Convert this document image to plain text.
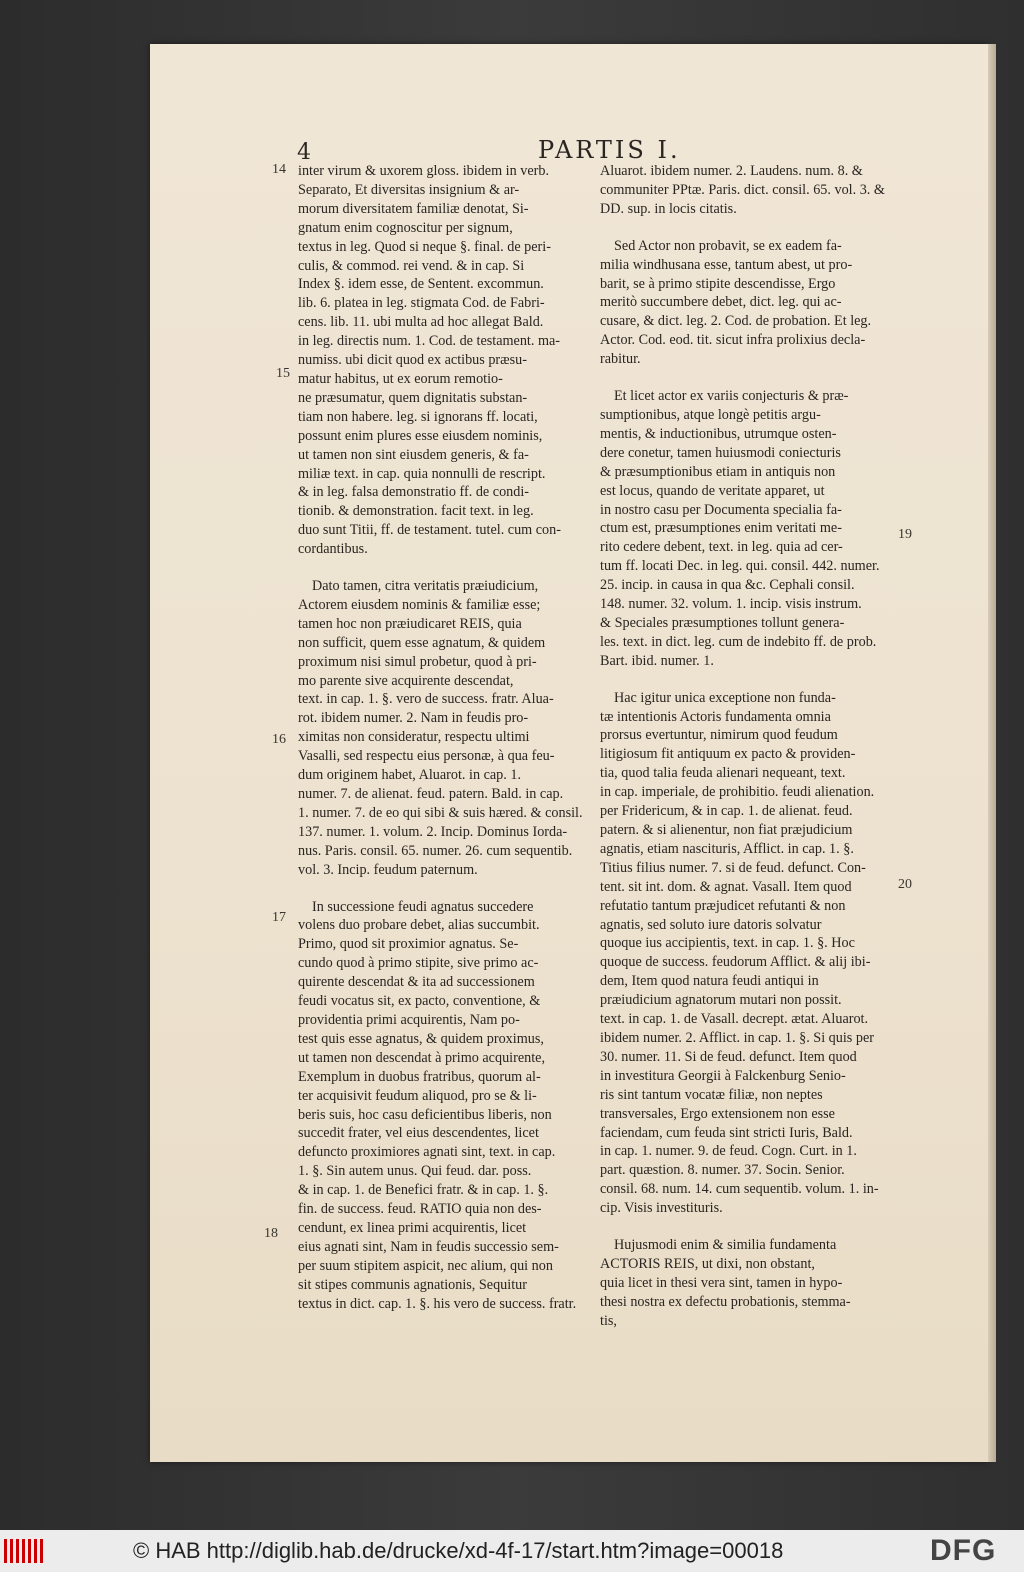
4	PARTIS I.
inter virum & uxorem gloss. ibidem in verb.
Separato, Et diversitas insignium & ar-
morum diversitatem familiæ denotat, Si-
gnatum enim cognoscitur per signum,
textus in leg. Quod si neque §. final. de peri-
culis, & commod. rei vend. & in cap. Si
Index §. idem esse, de Sentent. excommun.
lib. 6. platea in leg. stigmata Cod. de Fabri-
cens. lib. 11. ubi multa ad hoc allegat Bald.
in leg. directis num. 1. Cod. de testament. ma-
numiss. ubi dicit quod ex actibus præsu-
matur habitus, ut ex eorum remotio-
ne præsumatur, quem dignitatis substan-
tiam non habere. leg. si ignorans ff. locati,
possunt enim plures esse eiusdem nominis,
ut tamen non sint eiusdem generis, & fa-
miliæ text. in cap. quia nonnulli de rescript.
& in leg. falsa demonstratio ff. de condi-
tionib. & demonstration. facit text. in leg.
duo sunt Titii, ff. de testament. tutel. cum con-
cordantibus.
Dato tamen, citra veritatis præiudicium,
Actorem eiusdem nominis & familiæ esse;
tamen hoc non præiudicaret REIS, quia
non sufficit, quem esse agnatum, & quidem
proximum nisi simul probetur, quod à pri-
mo parente sive acquirente descendat,
text. in cap. 1. §. vero de success. fratr. Alua-
rot. ibidem numer. 2. Nam in feudis pro-
ximitas non consideratur, respectu ultimi
Vasalli, sed respectu eius personæ, à qua feu-
dum originem habet, Aluarot. in cap. 1.
numer. 7. de alienat. feud. patern. Bald. in cap.
1. numer. 7. de eo qui sibi & suis hæred. & consil.
137. numer. 1. volum. 2. Incip. Dominus Iorda-
nus. Paris. consil. 65. numer. 26. cum sequentib.
vol. 3. Incip. feudum paternum.
In successione feudi agnatus succedere
volens duo probare debet, alias succumbit.
Primo, quod sit proximior agnatus. Se-
cundo quod à primo stipite, sive primo ac-
quirente descendat & ita ad successionem
feudi vocatus sit, ex pacto, conventione, &
providentia primi acquirentis, Nam po-
test quis esse agnatus, & quidem proximus,
ut tamen non descendat à primo acquirente,
Exemplum in duobus fratribus, quorum al-
ter acquisivit feudum aliquod, pro se & li-
beris suis, hoc casu deficientibus liberis, non
succedit frater, vel eius descendentes, licet
defuncto proximiores agnati sint, text. in cap.
1. §. Sin autem unus. Qui feud. dar. poss.
& in cap. 1. de Benefici fratr. & in cap. 1. §.
fin. de success. feud. RATIO quia non des-
cendunt, ex linea primi acquirentis, licet
eius agnati sint, Nam in feudis successio sem-
per suum stipitem aspicit, nec alium, qui non
sit stipes communis agnationis, Sequitur
textus in dict. cap. 1. §. his vero de success. fratr.
Aluarot. ibidem numer. 2. Laudens. num. 8. &
communiter PPtæ. Paris. dict. consil. 65. vol. 3. &
DD. sup. in locis citatis.
Sed Actor non probavit, se ex eadem fa-
milia windhusana esse, tantum abest, ut pro-
barit, se à primo stipite descendisse, Ergo
meritò succumbere debet, dict. leg. qui ac-
cusare, & dict. leg. 2. Cod. de probation. Et leg.
Actor. Cod. eod. tit. sicut infra prolixius decla-
rabitur.
Et licet actor ex variis conjecturis & præ-
sumptionibus, atque longè petitis argu-
mentis, & inductionibus, utrumque osten-
dere conetur, tamen huiusmodi coniecturis
& præsumptionibus etiam in antiquis non
est locus, quando de veritate apparet, ut
in nostro casu per Documenta specialia fa-
ctum est, præsumptiones enim veritati me-
rito cedere debent, text. in leg. quia ad cer-
tum ff. locati Dec. in leg. qui. consil. 442. numer.
25. incip. in causa in qua &c. Cephali consil.
148. numer. 32. volum. 1. incip. visis instrum.
& Speciales præsumptiones tollunt genera-
les. text. in dict. leg. cum de indebito ff. de prob.
Bart. ibid. numer. 1.
Hac igitur unica exceptione non funda-
tæ intentionis Actoris fundamenta omnia
prorsus evertuntur, nimirum quod feudum
litigiosum fit antiquum ex pacto & providen-
tia, quod talia feuda alienari nequeant, text.
in cap. imperiale, de prohibitio. feudi alienation.
per Fridericum, & in cap. 1. de alienat. feud.
patern. & si alienentur, non fiat præjudicium
agnatis, etiam nascituris, Afflict. in cap. 1. §.
Titius filius numer. 7. si de feud. defunct. Con-
tent. sit int. dom. & agnat. Vasall. Item quod
refutatio tantum præjudicet refutanti & non
agnatis, sed soluto iure datoris solvatur
quoque ius accipientis, text. in cap. 1. §. Hoc
quoque de success. feudorum Afflict. & alij ibi-
dem, Item quod natura feudi antiqui in
præiudicium agnatorum mutari non possit.
text. in cap. 1. de Vasall. decrept. ætat. Aluarot.
ibidem numer. 2. Afflict. in cap. 1. §. Si quis per
30. numer. 11. Si de feud. defunct. Item quod
in investitura Georgii à Falckenburg Senio-
ris sint tantum vocatæ filiæ, non neptes
transversales, Ergo extensionem non esse
faciendam, cum feuda sint stricti Iuris, Bald.
in cap. 1. numer. 9. de feud. Cogn. Curt. in 1.
part. quæstion. 8. numer. 37. Socin. Senior.
consil. 68. num. 14. cum sequentib. volum. 1. in-
cip. Visis investituris.
Hujusmodi enim & similia fundamenta
ACTORIS REIS, ut dixi, non obstant,
quia licet in thesi vera sint, tamen in hypo-
thesi nostra ex defectu probationis, stemma-
tis,
14
15
16
17
18
19
20
© HAB http://diglib.hab.de/drucke/xd-4f-17/start.htm?image=00018	DFG
